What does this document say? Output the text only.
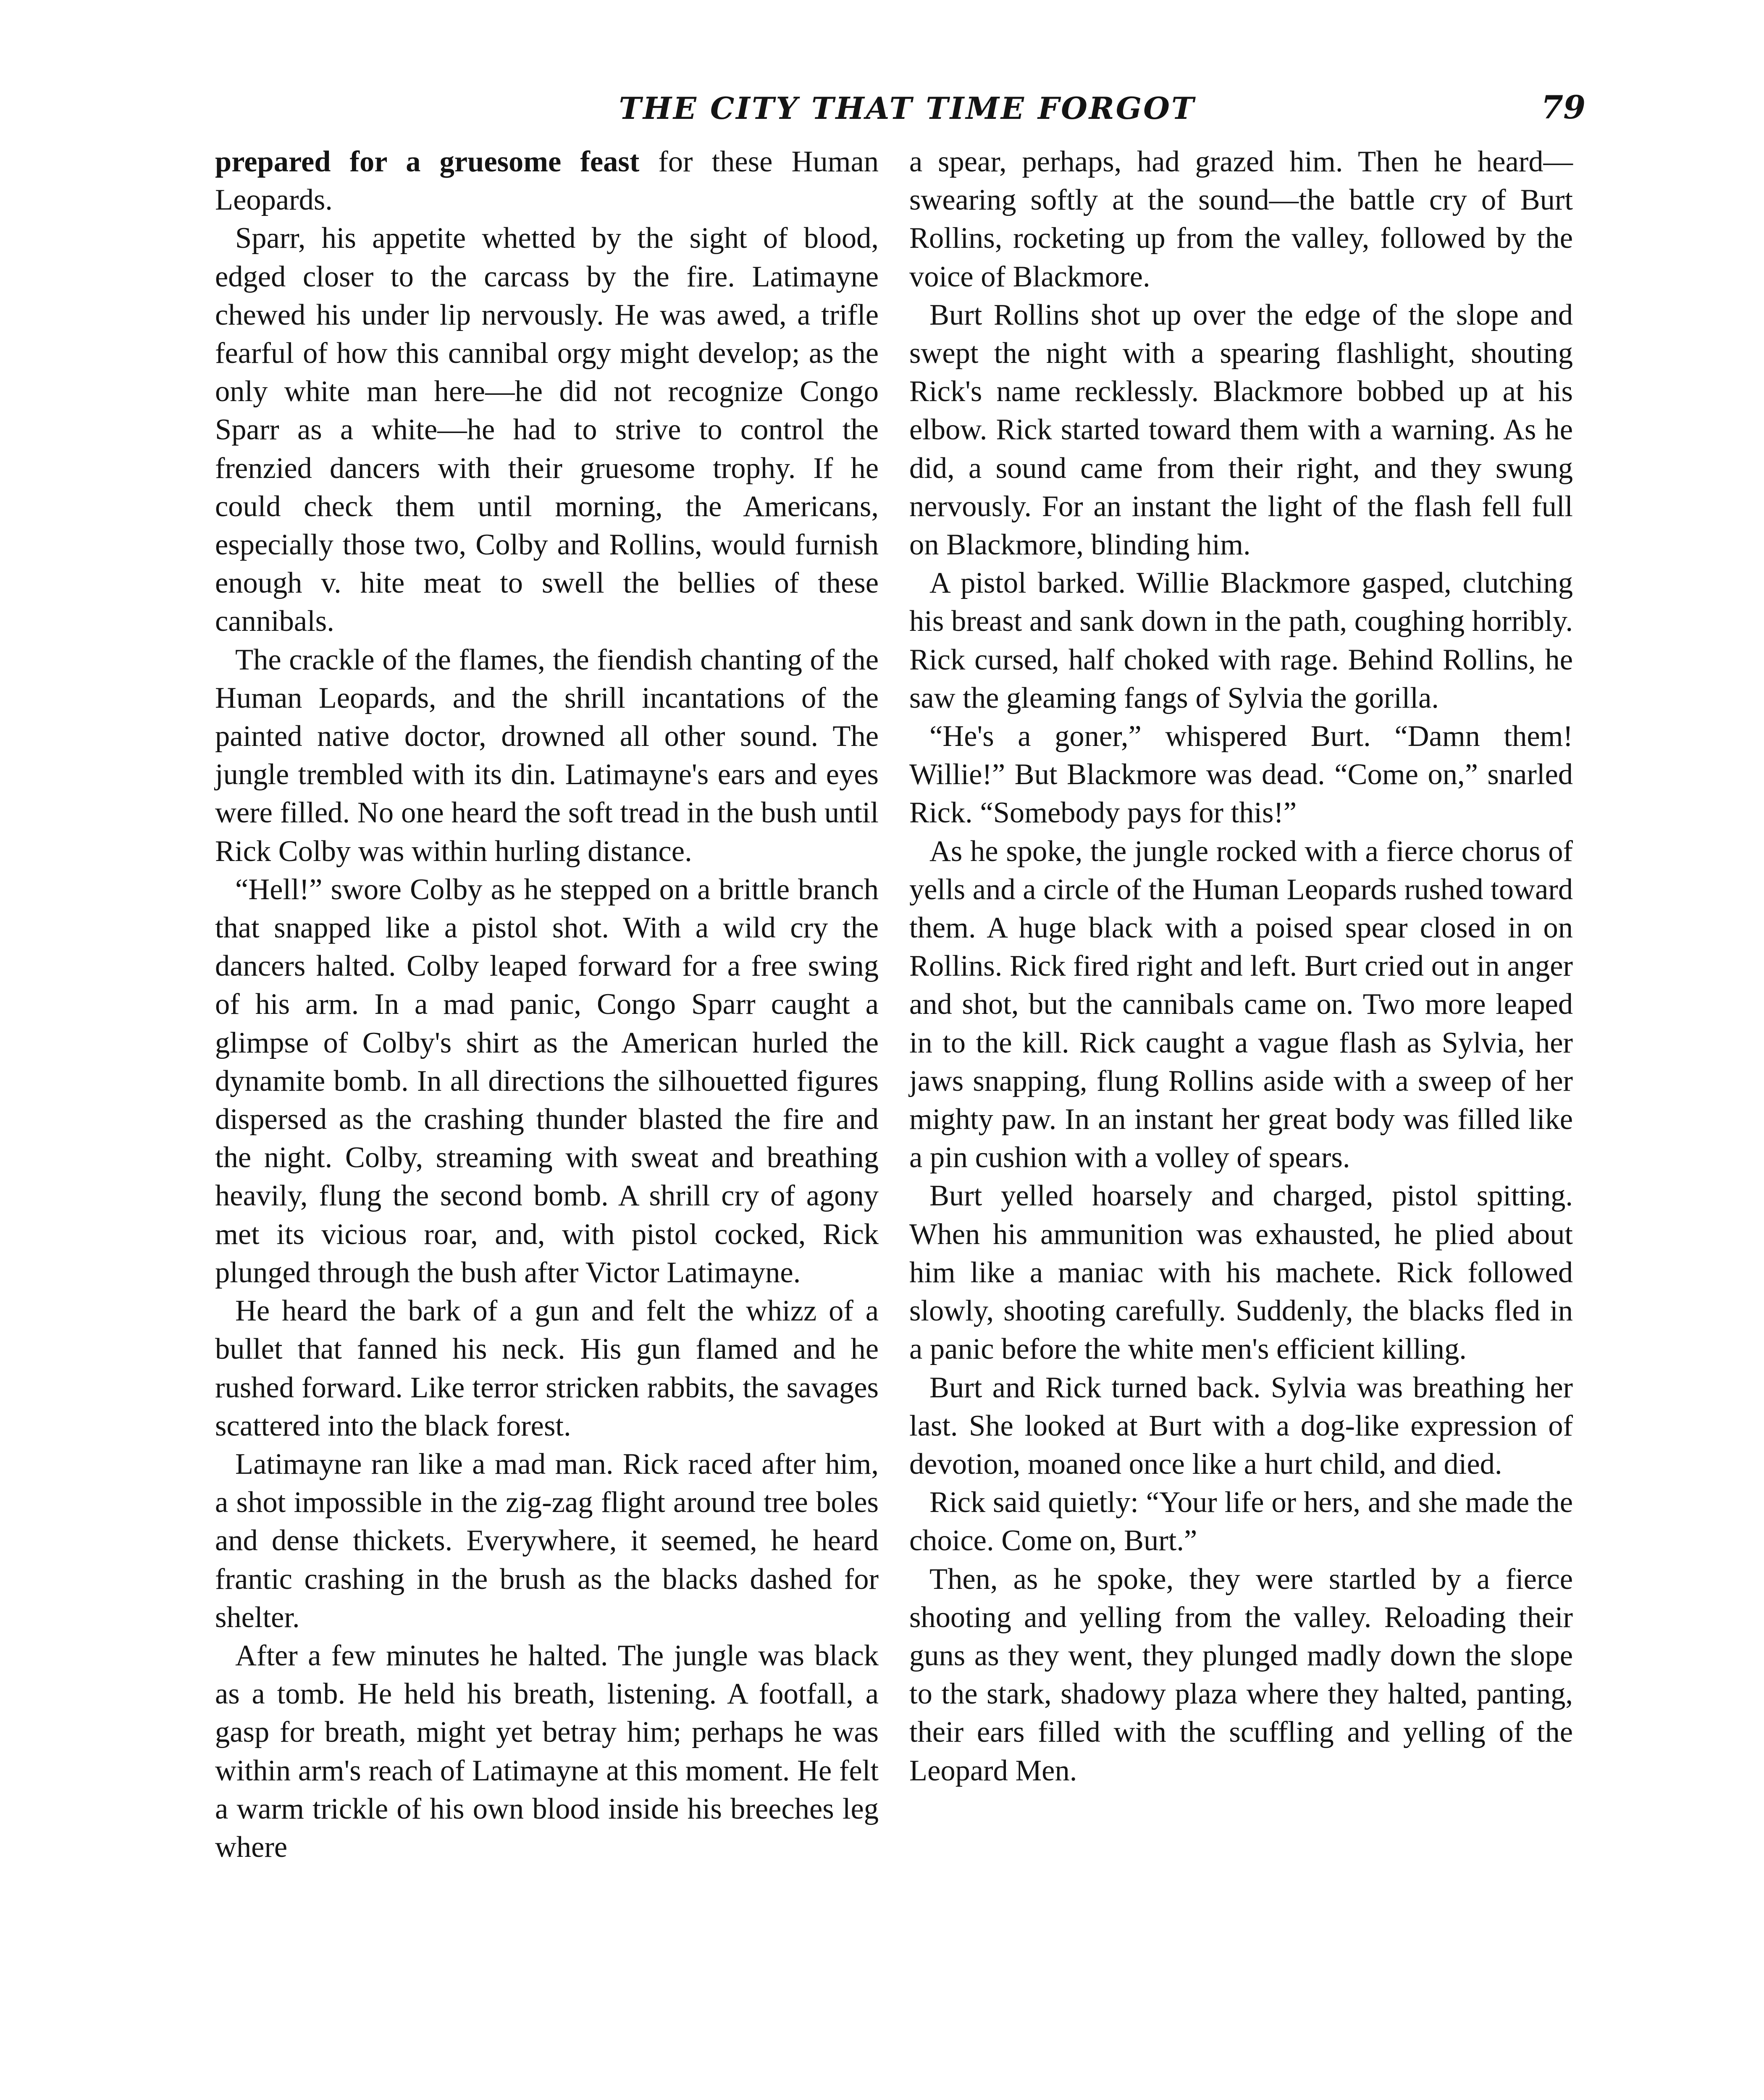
THE CITY THAT TIME FORGOT	79

prepared for a gruesome feast for these Human Leopards.

Sparr, his appetite whetted by the sight of blood, edged closer to the carcass by the fire. Latimayne chewed his under lip nervously. He was awed, a trifle fearful of how this cannibal orgy might develop; as the only white man here—he did not recognize Congo Sparr as a white—he had to strive to control the frenzied dancers with their gruesome trophy. If he could check them until morning, the Americans, especially those two, Colby and Rollins, would furnish enough v. hite meat to swell the bellies of these cannibals.

The crackle of the flames, the fiendish chanting of the Human Leopards, and the shrill incantations of the painted native doctor, drowned all other sound. The jungle trembled with its din. Latimayne's ears and eyes were filled. No one heard the soft tread in the bush until Rick Colby was within hurling distance.

“Hell!” swore Colby as he stepped on a brittle branch that snapped like a pistol shot. With a wild cry the dancers halted. Colby leaped forward for a free swing of his arm. In a mad panic, Congo Sparr caught a glimpse of Colby's shirt as the American hurled the dynamite bomb. In all directions the silhouetted figures dispersed as the crashing thunder blasted the fire and the night. Colby, streaming with sweat and breathing heavily, flung the second bomb. A shrill cry of agony met its vicious roar, and, with pistol cocked, Rick plunged through the bush after Victor Latimayne.

He heard the bark of a gun and felt the whizz of a bullet that fanned his neck. His gun flamed and he rushed forward. Like terror stricken rabbits, the savages scattered into the black forest.

Latimayne ran like a mad man. Rick raced after him, a shot impossible in the zig-zag flight around tree boles and dense thickets. Everywhere, it seemed, he heard frantic crashing in the brush as the blacks dashed for shelter.

After a few minutes he halted. The jungle was black as a tomb. He held his breath, listening. A footfall, a gasp for breath, might yet betray him; perhaps he was within arm's reach of Latimayne at this moment. He felt a warm trickle of his own blood inside his breeches leg where

a spear, perhaps, had grazed him. Then he heard—swearing softly at the sound—the battle cry of Burt Rollins, rocketing up from the valley, followed by the voice of Blackmore.

Burt Rollins shot up over the edge of the slope and swept the night with a spearing flashlight, shouting Rick's name recklessly. Blackmore bobbed up at his elbow. Rick started toward them with a warning. As he did, a sound came from their right, and they swung nervously. For an instant the light of the flash fell full on Blackmore, blinding him.

A pistol barked. Willie Blackmore gasped, clutching his breast and sank down in the path, coughing horribly. Rick cursed, half choked with rage. Behind Rollins, he saw the gleaming fangs of Sylvia the gorilla.

“He's a goner,” whispered Burt. “Damn them! Willie!” But Blackmore was dead. “Come on,” snarled Rick. “Somebody pays for this!”

As he spoke, the jungle rocked with a fierce chorus of yells and a circle of the Human Leopards rushed toward them. A huge black with a poised spear closed in on Rollins. Rick fired right and left. Burt cried out in anger and shot, but the cannibals came on. Two more leaped in to the kill. Rick caught a vague flash as Sylvia, her jaws snapping, flung Rollins aside with a sweep of her mighty paw. In an instant her great body was filled like a pin cushion with a volley of spears.

Burt yelled hoarsely and charged, pistol spitting. When his ammunition was exhausted, he plied about him like a maniac with his machete. Rick followed slowly, shooting carefully. Suddenly, the blacks fled in a panic before the white men's efficient killing.

Burt and Rick turned back. Sylvia was breathing her last. She looked at Burt with a dog-like expression of devotion, moaned once like a hurt child, and died.

Rick said quietly: “Your life or hers, and she made the choice. Come on, Burt.”

Then, as he spoke, they were startled by a fierce shooting and yelling from the valley. Reloading their guns as they went, they plunged madly down the slope to the stark, shadowy plaza where they halted, panting, their ears filled with the scuffling and yelling of the Leopard Men.
